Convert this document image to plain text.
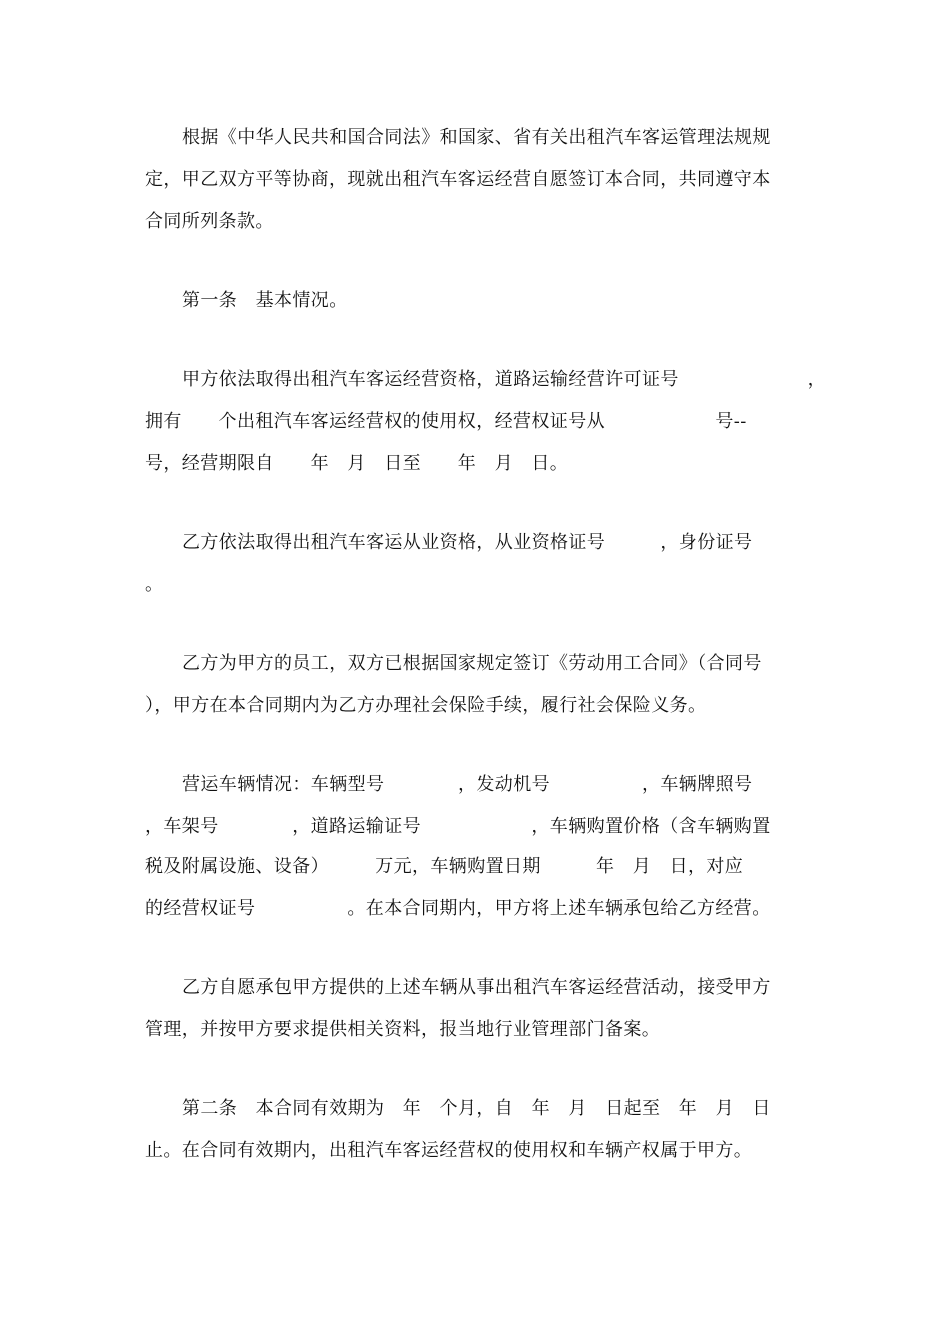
根据《中华人民共和国合同法》和国家、省有关出租汽车客运管理法规规
定，甲乙双方平等协商，现就出租汽车客运经营自愿签订本合同，共同遵守本
合同所列条款。
第一条　基本情况。
甲方依法取得出租汽车客运经营资格，道路运输经营许可证号　　　　　　　，
拥有　　个出租汽车客运经营权的使用权，经营权证号从　　　　　　号--
号，经营期限自　　年　月　日至　　年　月　日。
乙方依法取得出租汽车客运从业资格，从业资格证号　　　，身份证号
。
乙方为甲方的员工，双方已根据国家规定签订《劳动用工合同》（合同号
），甲方在本合同期内为乙方办理社会保险手续，履行社会保险义务。
营运车辆情况：车辆型号　　　　，发动机号　　　　　，车辆牌照号
，车架号　　　　，道路运输证号　　　　　　，车辆购置价格（含车辆购置
税及附属设施、设备）　　　万元，车辆购置日期　　　年　月　日，对应
的经营权证号　　　　　。在本合同期内，甲方将上述车辆承包给乙方经营。
乙方自愿承包甲方提供的上述车辆从事出租汽车客运经营活动，接受甲方
管理，并按甲方要求提供相关资料，报当地行业管理部门备案。
第二条　本合同有效期为　年　个月，自　年　月　日起至　年　月　日
止。在合同有效期内，出租汽车客运经营权的使用权和车辆产权属于甲方。
